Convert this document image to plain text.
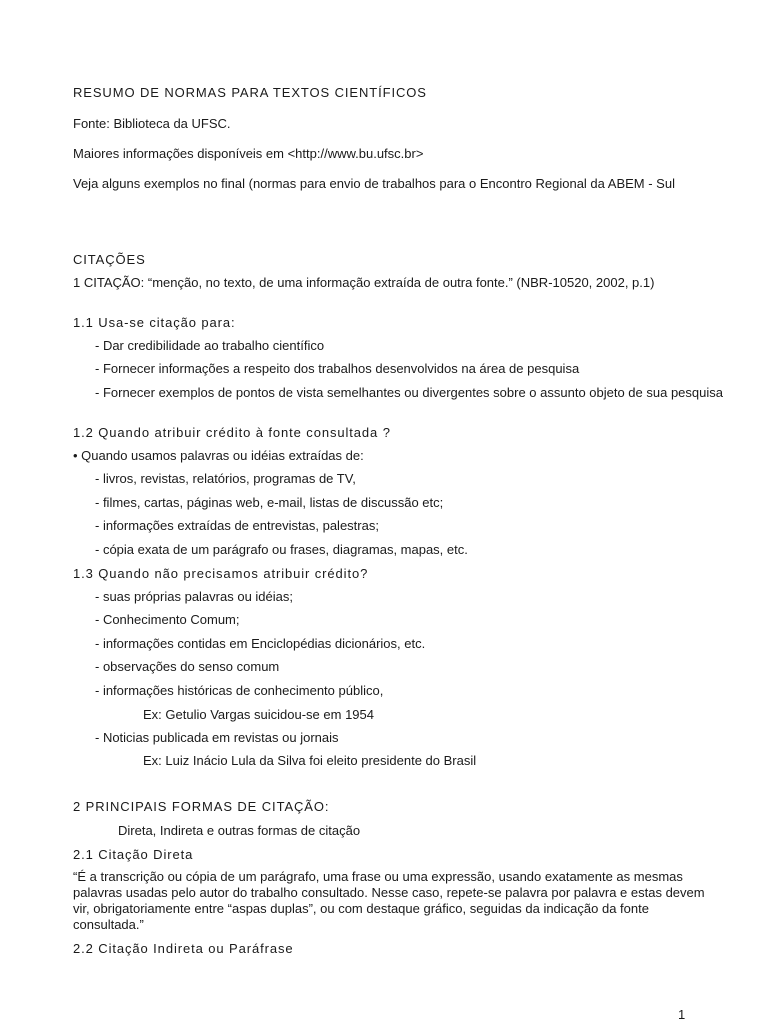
RESUMO DE NORMAS PARA TEXTOS CIENTÍFICOS
Fonte: Biblioteca da UFSC.
Maiores informações disponíveis em <http://www.bu.ufsc.br>
Veja alguns exemplos no final (normas para envio de trabalhos para o Encontro Regional da ABEM - Sul
CITAÇÕES
1 CITAÇÃO: “menção, no texto, de uma informação extraída de outra fonte.” (NBR-10520, 2002, p.1)
1.1 Usa-se citação para:
- Dar credibilidade ao trabalho científico
- Fornecer informações a respeito dos trabalhos desenvolvidos na área de pesquisa
- Fornecer exemplos de pontos de vista semelhantes ou divergentes sobre o assunto objeto de sua pesquisa
1.2 Quando atribuir crédito à fonte consultada ?
• Quando usamos palavras ou idéias extraídas de:
- livros, revistas, relatórios, programas de TV,
- filmes, cartas, páginas web, e-mail, listas de discussão etc;
- informações extraídas de entrevistas, palestras;
- cópia exata de um parágrafo ou frases, diagramas, mapas, etc.
1.3 Quando não precisamos atribuir crédito?
- suas próprias palavras ou idéias;
- Conhecimento Comum;
- informações contidas em Enciclopédias dicionários, etc.
- observações do senso comum
- informações históricas de conhecimento público,
Ex: Getulio Vargas suicidou-se em 1954
- Noticias publicada em revistas ou jornais
Ex: Luiz Inácio Lula da Silva foi eleito presidente do Brasil
2 PRINCIPAIS FORMAS DE CITAÇÃO:
Direta, Indireta e outras formas de citação
2.1 Citação Direta
“É a transcrição ou cópia de um parágrafo, uma frase ou uma expressão, usando exatamente as mesmas palavras usadas pelo autor do trabalho consultado. Nesse caso, repete-se palavra por palavra e estas devem vir, obrigatoriamente entre “aspas duplas”, ou com destaque gráfico, seguidas da indicação da fonte consultada.”
2.2 Citação Indireta ou Paráfrase
1
